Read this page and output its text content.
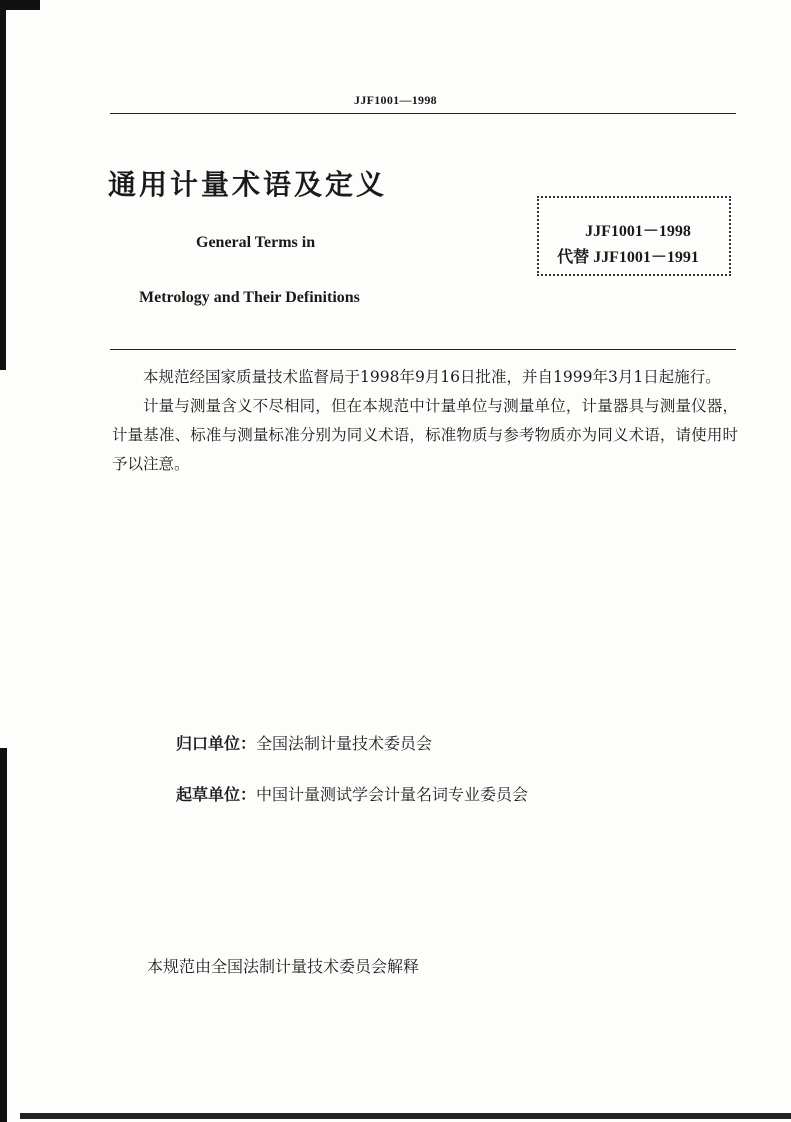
JJF1001—1998
通用计量术语及定义
General Terms in
Metrology and Their Definitions
JJF1001－1998
代替 JJF1001－1991

本规范经国家质量技术监督局于1998年9月16日批准，并自1999年3月1日起施行。

计量与测量含义不尽相同，但在本规范中计量单位与测量单位，计量器具与测量仪器，计量基准、标准与测量标准分别为同义术语，标准物质与参考物质亦为同义术语，请使用时予以注意。

归口单位：全国法制计量技术委员会
起草单位：中国计量测试学会计量名词专业委员会
本规范由全国法制计量技术委员会解释
